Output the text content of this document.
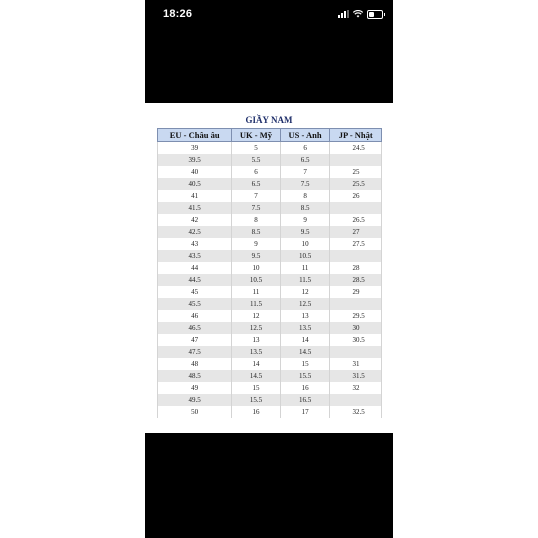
18:26
GIẦY NAM
EU - Châu âu	UK - Mỹ	US - Anh	JP - Nhật
39	5	6	24.5
39.5	5.5	6.5	
40	6	7	25
40.5	6.5	7.5	25.5
41	7	8	26
41.5	7.5	8.5	
42	8	9	26.5
42.5	8.5	9.5	27
43	9	10	27.5
43.5	9.5	10.5	
44	10	11	28
44.5	10.5	11.5	28.5
45	11	12	29
45.5	11.5	12.5	
46	12	13	29.5
46.5	12.5	13.5	30
47	13	14	30.5
47.5	13.5	14.5	
48	14	15	31
48.5	14.5	15.5	31.5
49	15	16	32
49.5	15.5	16.5	
50	16	17	32.5
